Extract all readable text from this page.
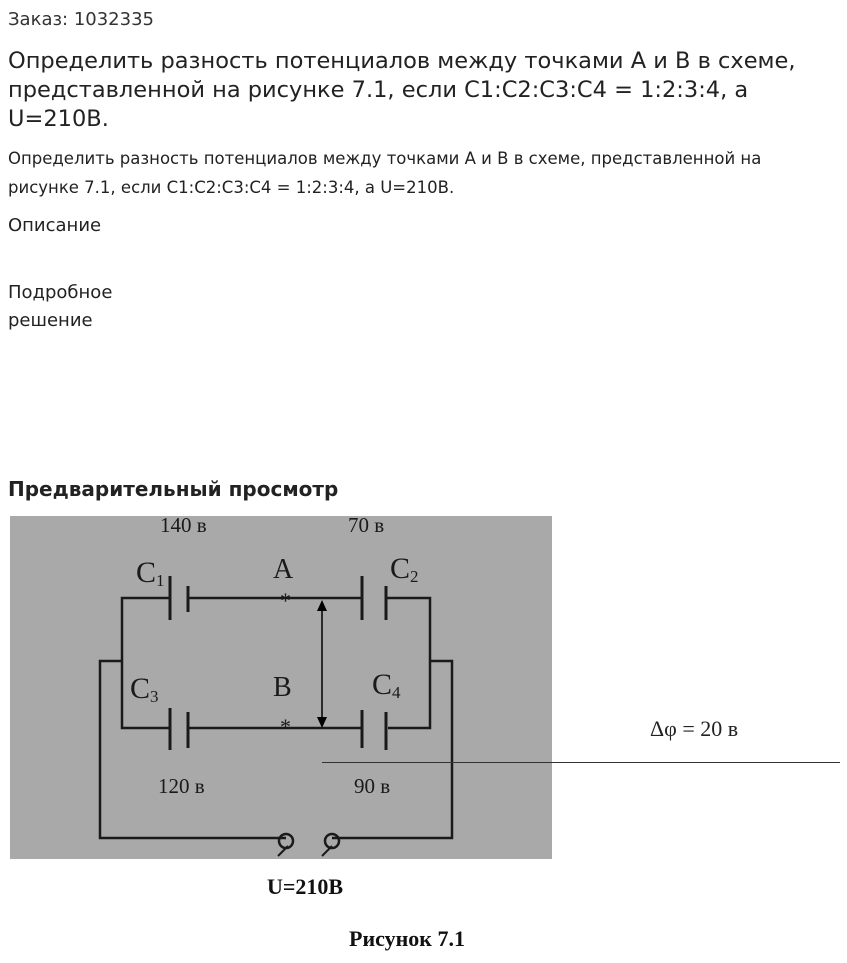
Заказ: 1032335
Определить разность потенциалов между точками А и В в схеме, представленной на рисунке 7.1, если С1:С2:С3:С4 = 1:2:3:4, а U=210В.
Определить разность потенциалов между точками А и В в схеме, представленной на рисунке 7.1, если С1:С2:С3:С4 = 1:2:3:4, а U=210В.
Описание
Подробное решение
Предварительный просмотр
*
*
140 в	70 в
120 в	90 в
С1	С2
С3	С4
А
В
Δφ = 20 в
U=210В
Рисунок 7.1
